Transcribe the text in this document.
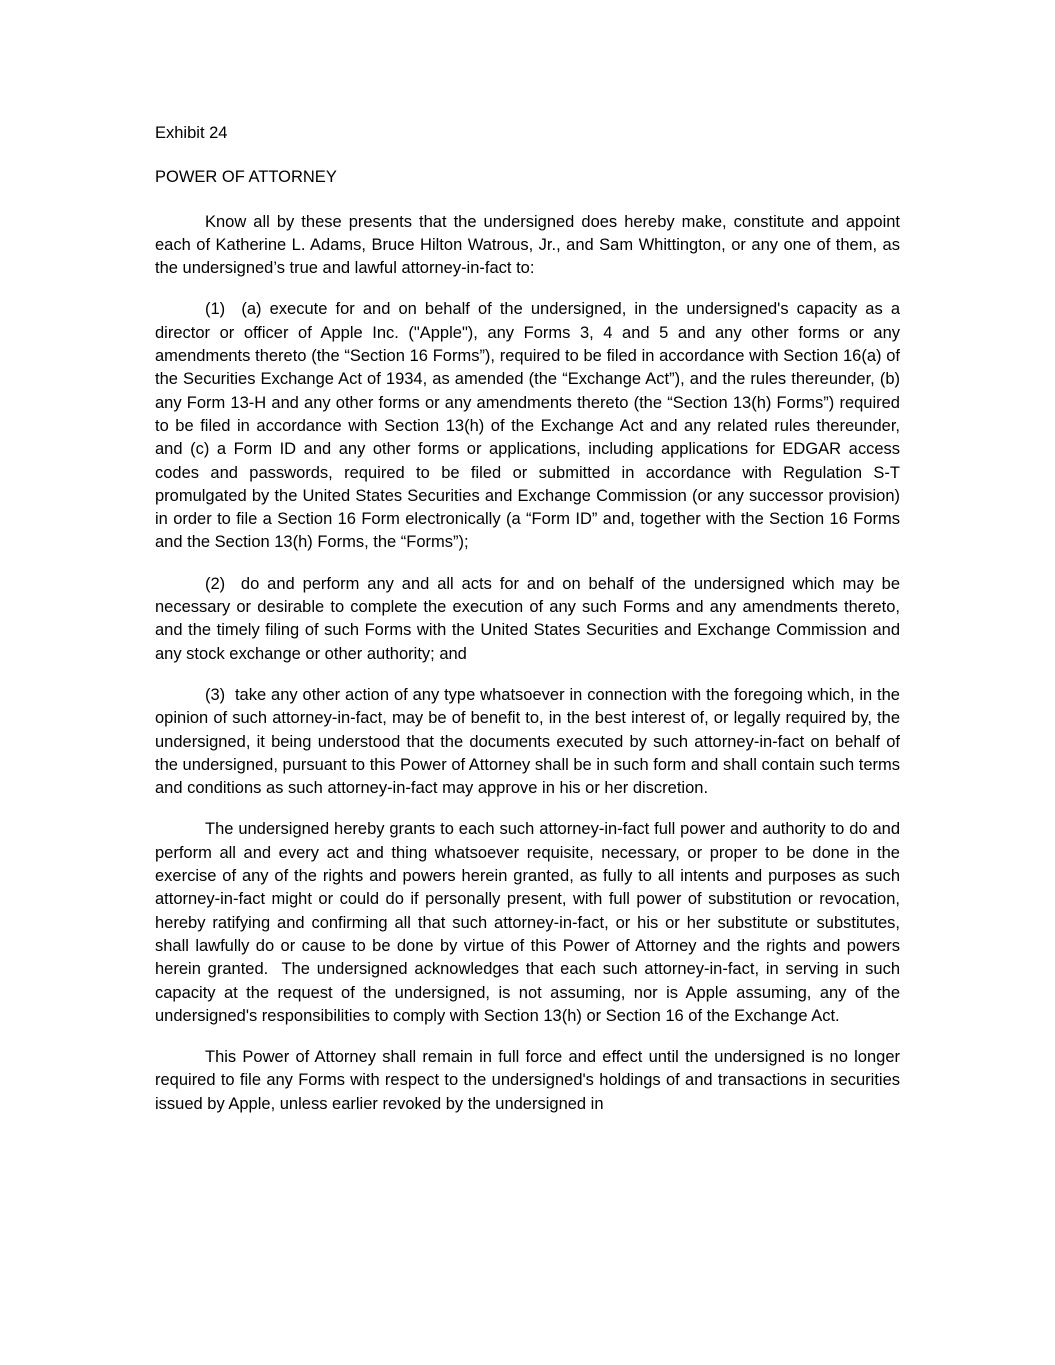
Exhibit 24
POWER OF ATTORNEY

Know all by these presents that the undersigned does hereby make, constitute and appoint each of Katherine L. Adams, Bruce Hilton Watrous, Jr., and Sam Whittington, or any one of them, as the undersigned’s true and lawful attorney-in-fact to:

(1)  (a) execute for and on behalf of the undersigned, in the undersigned's capacity as a director or officer of Apple Inc. ("Apple"), any Forms 3, 4 and 5 and any other forms or any amendments thereto (the “Section 16 Forms”), required to be filed in accordance with Section 16(a) of the Securities Exchange Act of 1934, as amended (the “Exchange Act”), and the rules thereunder, (b) any Form 13-H and any other forms or any amendments thereto (the “Section 13(h) Forms”) required to be filed in accordance with Section 13(h) of the Exchange Act and any related rules thereunder, and (c) a Form ID and any other forms or applications, including applications for EDGAR access codes and passwords, required to be filed or submitted in accordance with Regulation S-T promulgated by the United States Securities and Exchange Commission (or any successor provision) in order to file a Section 16 Form electronically (a “Form ID” and, together with the Section 16 Forms and the Section 13(h) Forms, the “Forms”);

(2)  do and perform any and all acts for and on behalf of the undersigned which may be necessary or desirable to complete the execution of any such Forms and any amendments thereto, and the timely filing of such Forms with the United States Securities and Exchange Commission and any stock exchange or other authority; and

(3)  take any other action of any type whatsoever in connection with the foregoing which, in the opinion of such attorney-in-fact, may be of benefit to, in the best interest of, or legally required by, the undersigned, it being understood that the documents executed by such attorney-in-fact on behalf of the undersigned, pursuant to this Power of Attorney shall be in such form and shall contain such terms and conditions as such attorney-in-fact may approve in his or her discretion.

The undersigned hereby grants to each such attorney-in-fact full power and authority to do and perform all and every act and thing whatsoever requisite, necessary, or proper to be done in the exercise of any of the rights and powers herein granted, as fully to all intents and purposes as such attorney-in-fact might or could do if personally present, with full power of substitution or revocation, hereby ratifying and confirming all that such attorney-in-fact, or his or her substitute or substitutes, shall lawfully do or cause to be done by virtue of this Power of Attorney and the rights and powers herein granted.  The undersigned acknowledges that each such attorney-in-fact, in serving in such capacity at the request of the undersigned, is not assuming, nor is Apple assuming, any of the undersigned's responsibilities to comply with Section 13(h) or Section 16 of the Exchange Act.

This Power of Attorney shall remain in full force and effect until the undersigned is no longer required to file any Forms with respect to the undersigned's holdings of and transactions in securities issued by Apple, unless earlier revoked by the undersigned in
